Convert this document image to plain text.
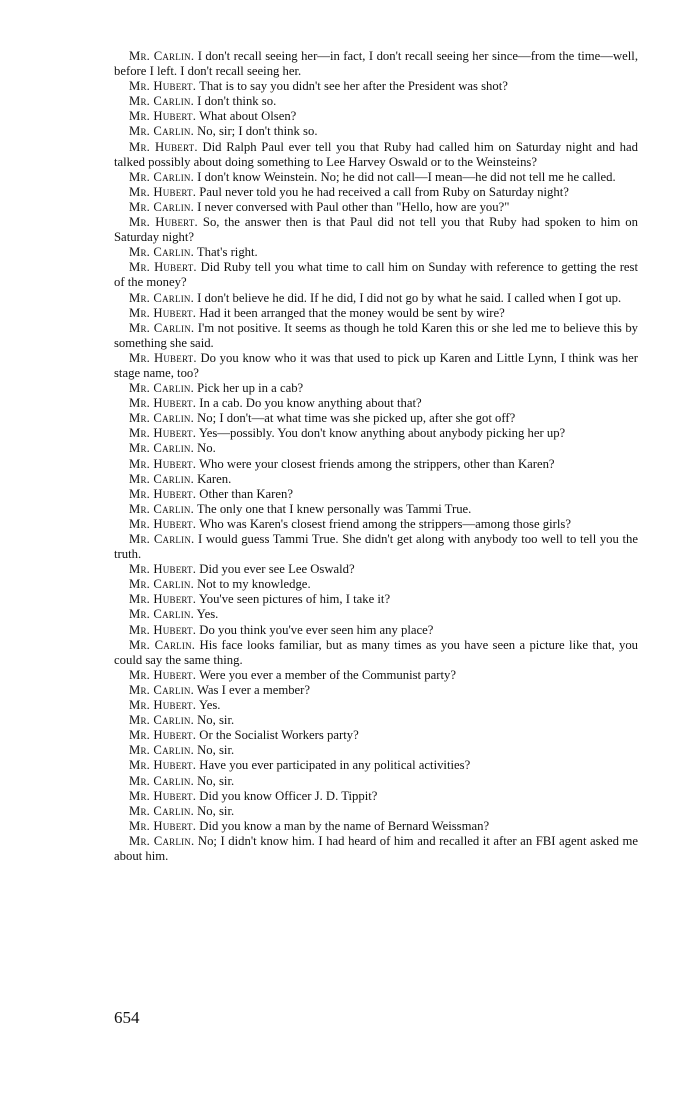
Mr. Carlin. I don't recall seeing her—in fact, I don't recall seeing her since—from the time—well, before I left. I don't recall seeing her.

Mr. Hubert. That is to say you didn't see her after the President was shot?

Mr. Carlin. I don't think so.

Mr. Hubert. What about Olsen?

Mr. Carlin. No, sir; I don't think so.

Mr. Hubert. Did Ralph Paul ever tell you that Ruby had called him on Saturday night and had talked possibly about doing something to Lee Harvey Oswald or to the Weinsteins?

Mr. Carlin. I don't know Weinstein. No; he did not call—I mean—he did not tell me he called.

Mr. Hubert. Paul never told you he had received a call from Ruby on Saturday night?

Mr. Carlin. I never conversed with Paul other than "Hello, how are you?"

Mr. Hubert. So, the answer then is that Paul did not tell you that Ruby had spoken to him on Saturday night?

Mr. Carlin. That's right.

Mr. Hubert. Did Ruby tell you what time to call him on Sunday with reference to getting the rest of the money?

Mr. Carlin. I don't believe he did. If he did, I did not go by what he said. I called when I got up.

Mr. Hubert. Had it been arranged that the money would be sent by wire?

Mr. Carlin. I'm not positive. It seems as though he told Karen this or she led me to believe this by something she said.

Mr. Hubert. Do you know who it was that used to pick up Karen and Little Lynn, I think was her stage name, too?

Mr. Carlin. Pick her up in a cab?

Mr. Hubert. In a cab. Do you know anything about that?

Mr. Carlin. No; I don't—at what time was she picked up, after she got off?

Mr. Hubert. Yes—possibly. You don't know anything about anybody picking her up?

Mr. Carlin. No.

Mr. Hubert. Who were your closest friends among the strippers, other than Karen?

Mr. Carlin. Karen.

Mr. Hubert. Other than Karen?

Mr. Carlin. The only one that I knew personally was Tammi True.

Mr. Hubert. Who was Karen's closest friend among the strippers—among those girls?

Mr. Carlin. I would guess Tammi True. She didn't get along with anybody too well to tell you the truth.

Mr. Hubert. Did you ever see Lee Oswald?

Mr. Carlin. Not to my knowledge.

Mr. Hubert. You've seen pictures of him, I take it?

Mr. Carlin. Yes.

Mr. Hubert. Do you think you've ever seen him any place?

Mr. Carlin. His face looks familiar, but as many times as you have seen a picture like that, you could say the same thing.

Mr. Hubert. Were you ever a member of the Communist party?

Mr. Carlin. Was I ever a member?

Mr. Hubert. Yes.

Mr. Carlin. No, sir.

Mr. Hubert. Or the Socialist Workers party?

Mr. Carlin. No, sir.

Mr. Hubert. Have you ever participated in any political activities?

Mr. Carlin. No, sir.

Mr. Hubert. Did you know Officer J. D. Tippit?

Mr. Carlin. No, sir.

Mr. Hubert. Did you know a man by the name of Bernard Weissman?

Mr. Carlin. No; I didn't know him. I had heard of him and recalled it after an FBI agent asked me about him.

654
